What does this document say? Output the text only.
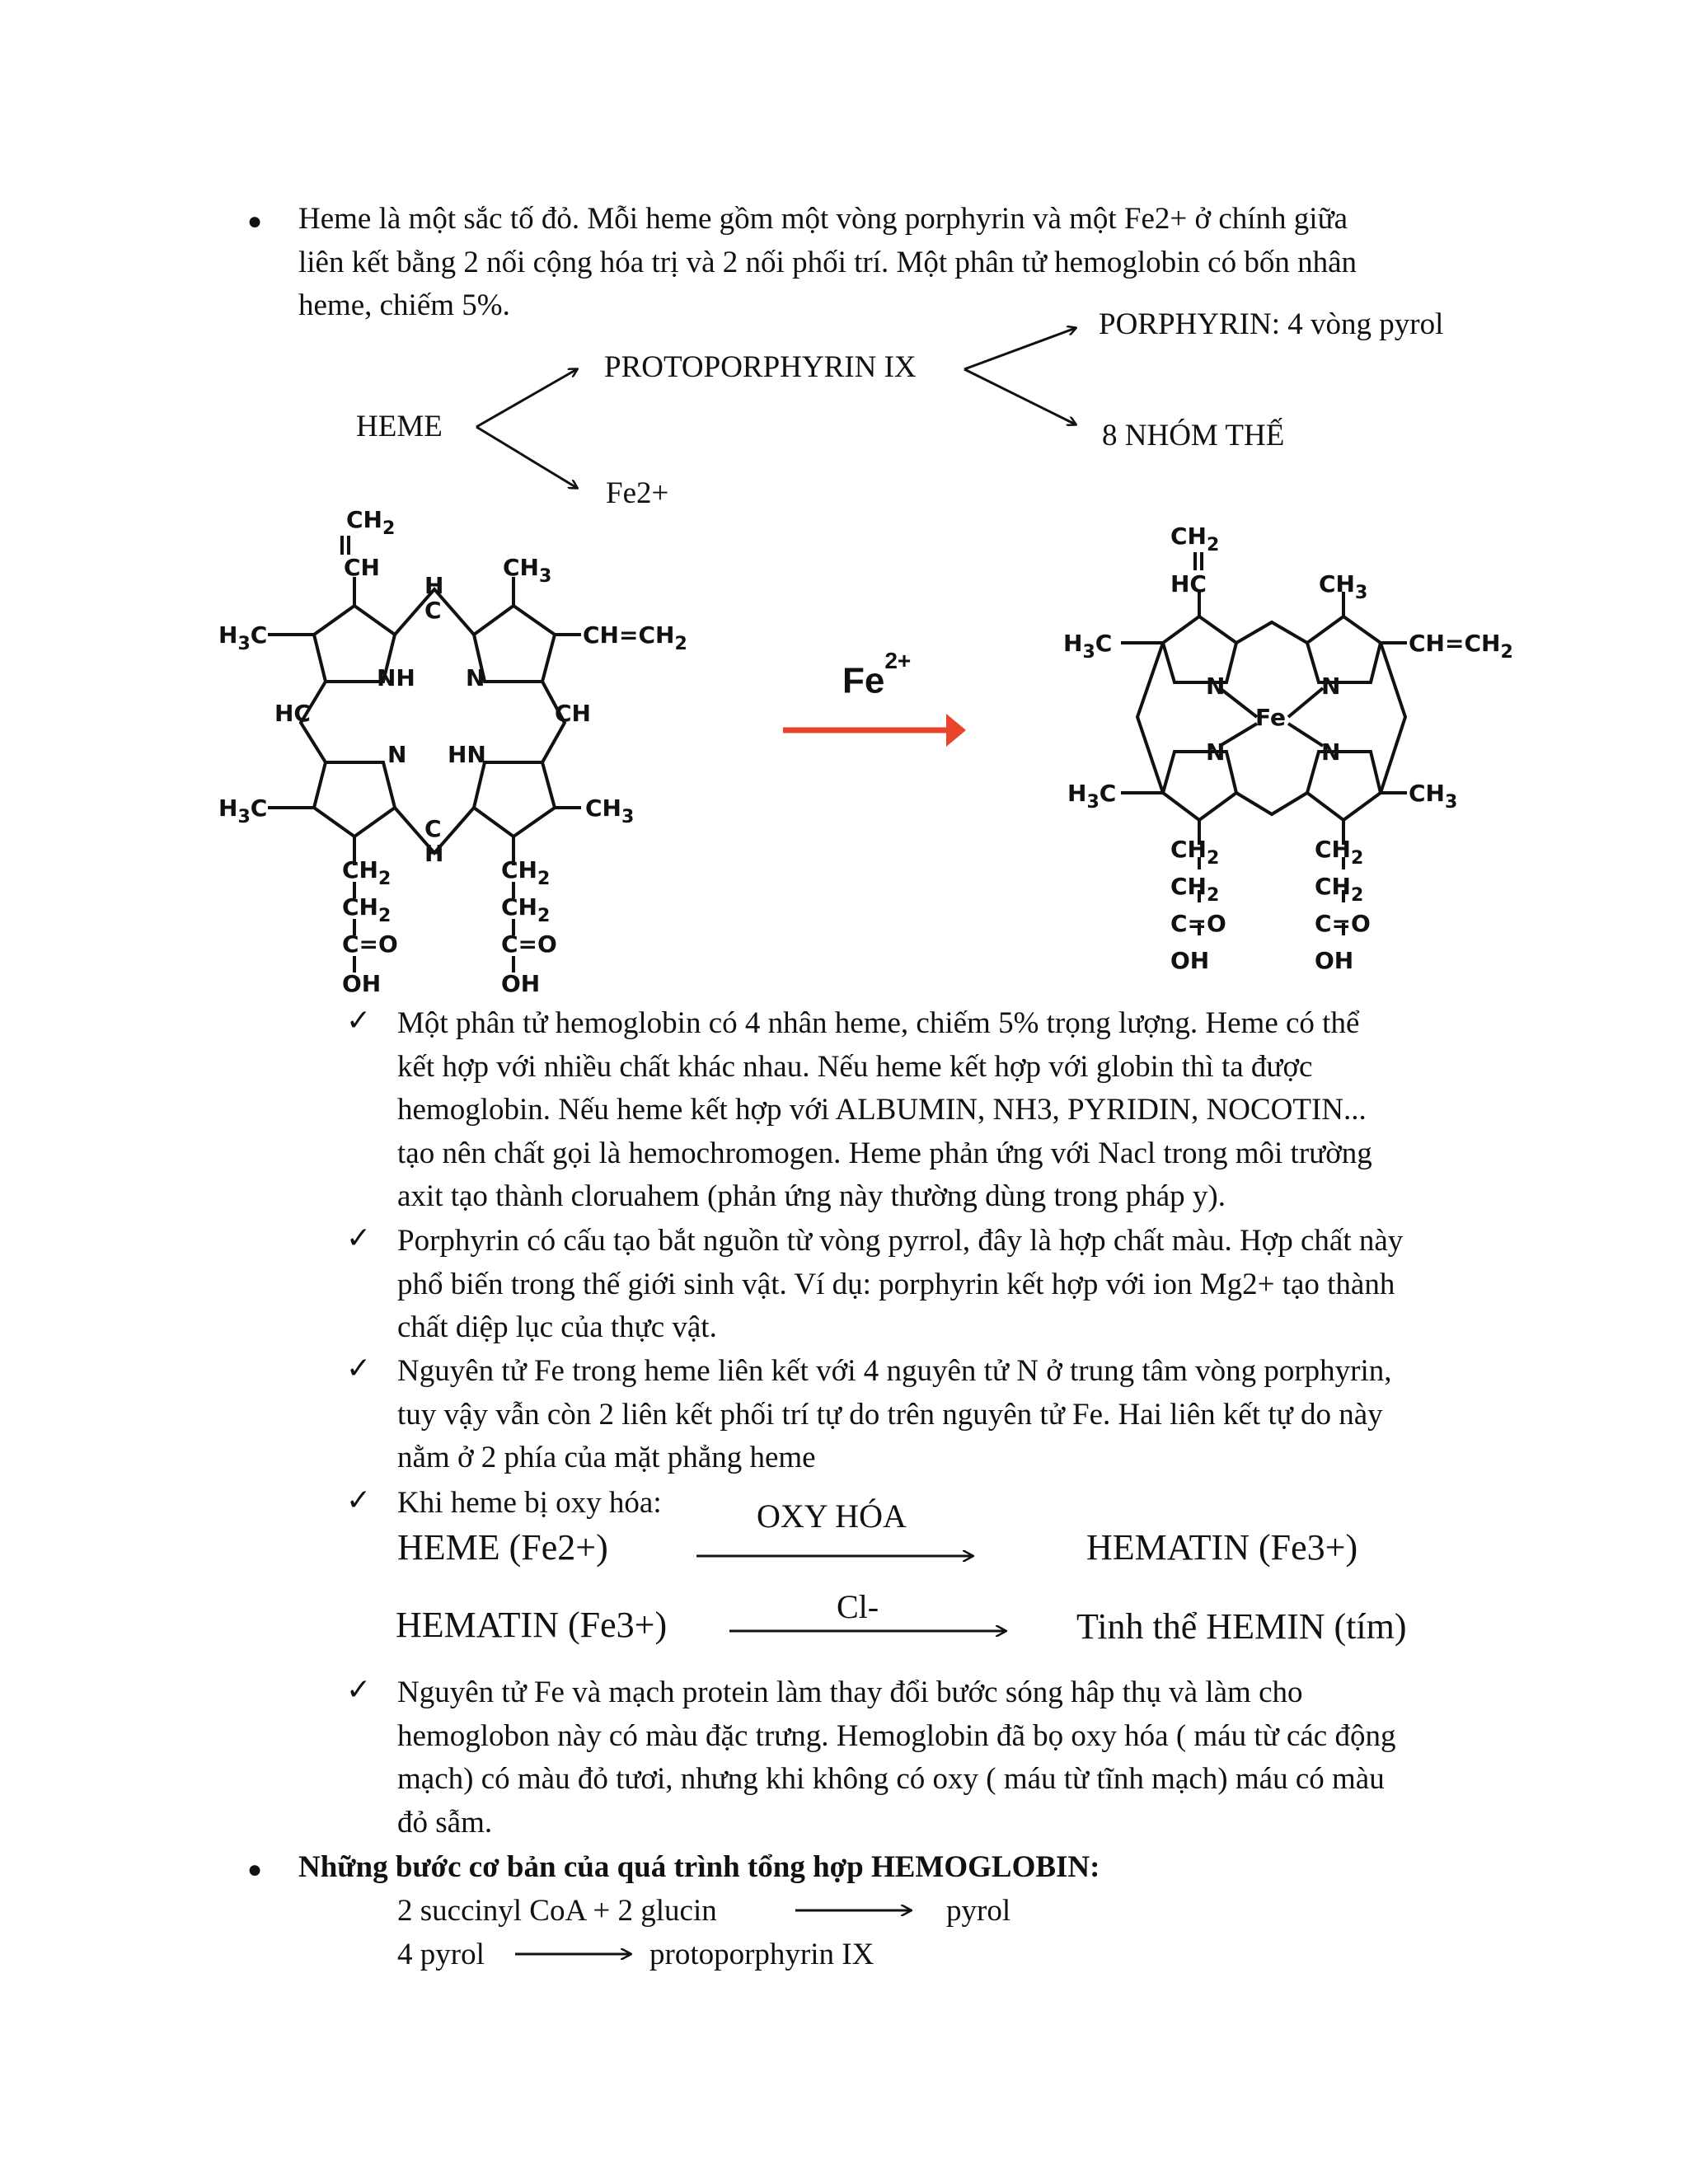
● Heme là một sắc tố đỏ. Mỗi heme gồm một vòng porphyrin và một Fe2+ ở chính giữa
liên kết bằng 2 nối cộng hóa trị và 2 nối phối trí. Một phân tử hemoglobin có bốn nhân
heme, chiếm 5%.
HEME
PROTOPORPHYRIN IX
Fe2+
PORPHYRIN: 4 vòng pyrol
8 NHÓM THẾ
$CH_2$
CH	$CH_3$
$H_3C$	$CH=CH_2$
H
C
NH N
HC	CH
N HN
$H_3C$	$CH_3$
C
H
$CH_2$
$CH_2$
C=O
OH
$CH_2$
$CH_2$
C=O
OH
$Fe^{2+}$
$CH_2$
HC	$CH_3$
$H_3C$	$CH=CH_2$
N	N
Fe
N	N
$H_3C$	$CH_3$
$CH_2$
$CH_2$
C=O
OH
$CH_2$
$CH_2$
C=O
OH
✓ Một phân tử hemoglobin có 4 nhân heme, chiếm 5% trọng lượng. Heme có thể
kết hợp với nhiều chất khác nhau. Nếu heme kết hợp với globin thì ta được
hemoglobin. Nếu heme kết hợp với ALBUMIN, NH3, PYRIDIN, NOCOTIN...
tạo nên chất gọi là hemochromogen. Heme phản ứng với Nacl trong môi trường
axit tạo thành cloruahem (phản ứng này thường dùng trong pháp y).
✓ Porphyrin có cấu tạo bắt nguồn từ vòng pyrrol, đây là hợp chất màu. Hợp chất này
phổ biến trong thế giới sinh vật. Ví dụ: porphyrin kết hợp với ion Mg2+ tạo thành
chất diệp lục của thực vật.
✓ Nguyên tử Fe trong heme liên kết với 4 nguyên tử N ở trung tâm vòng porphyrin,
tuy vậy vẫn còn 2 liên kết phối trí tự do trên nguyên tử Fe. Hai liên kết tự do này
nằm ở 2 phía của mặt phẳng heme
✓ Khi heme bị oxy hóa:
HEME (Fe2+)
OXY HÓA
HEMATIN (Fe3+)
HEMATIN (Fe3+)	Cl-	Tinh thể HEMIN (tím)
✓ Nguyên tử Fe và mạch protein làm thay đổi bước sóng hâp thụ và làm cho
hemoglobon này có màu đặc trưng. Hemoglobin đã bọ oxy hóa ( máu từ các động
mạch) có màu đỏ tươi, nhưng khi không có oxy ( máu từ tĩnh mạch) máu có màu
đỏ sẫm.
● Những bước cơ bản của quá trình tổng hợp HEMOGLOBIN:
2 succinyl CoA + 2 glucin	pyrol
4 pyrol	protoporphyrin IX
